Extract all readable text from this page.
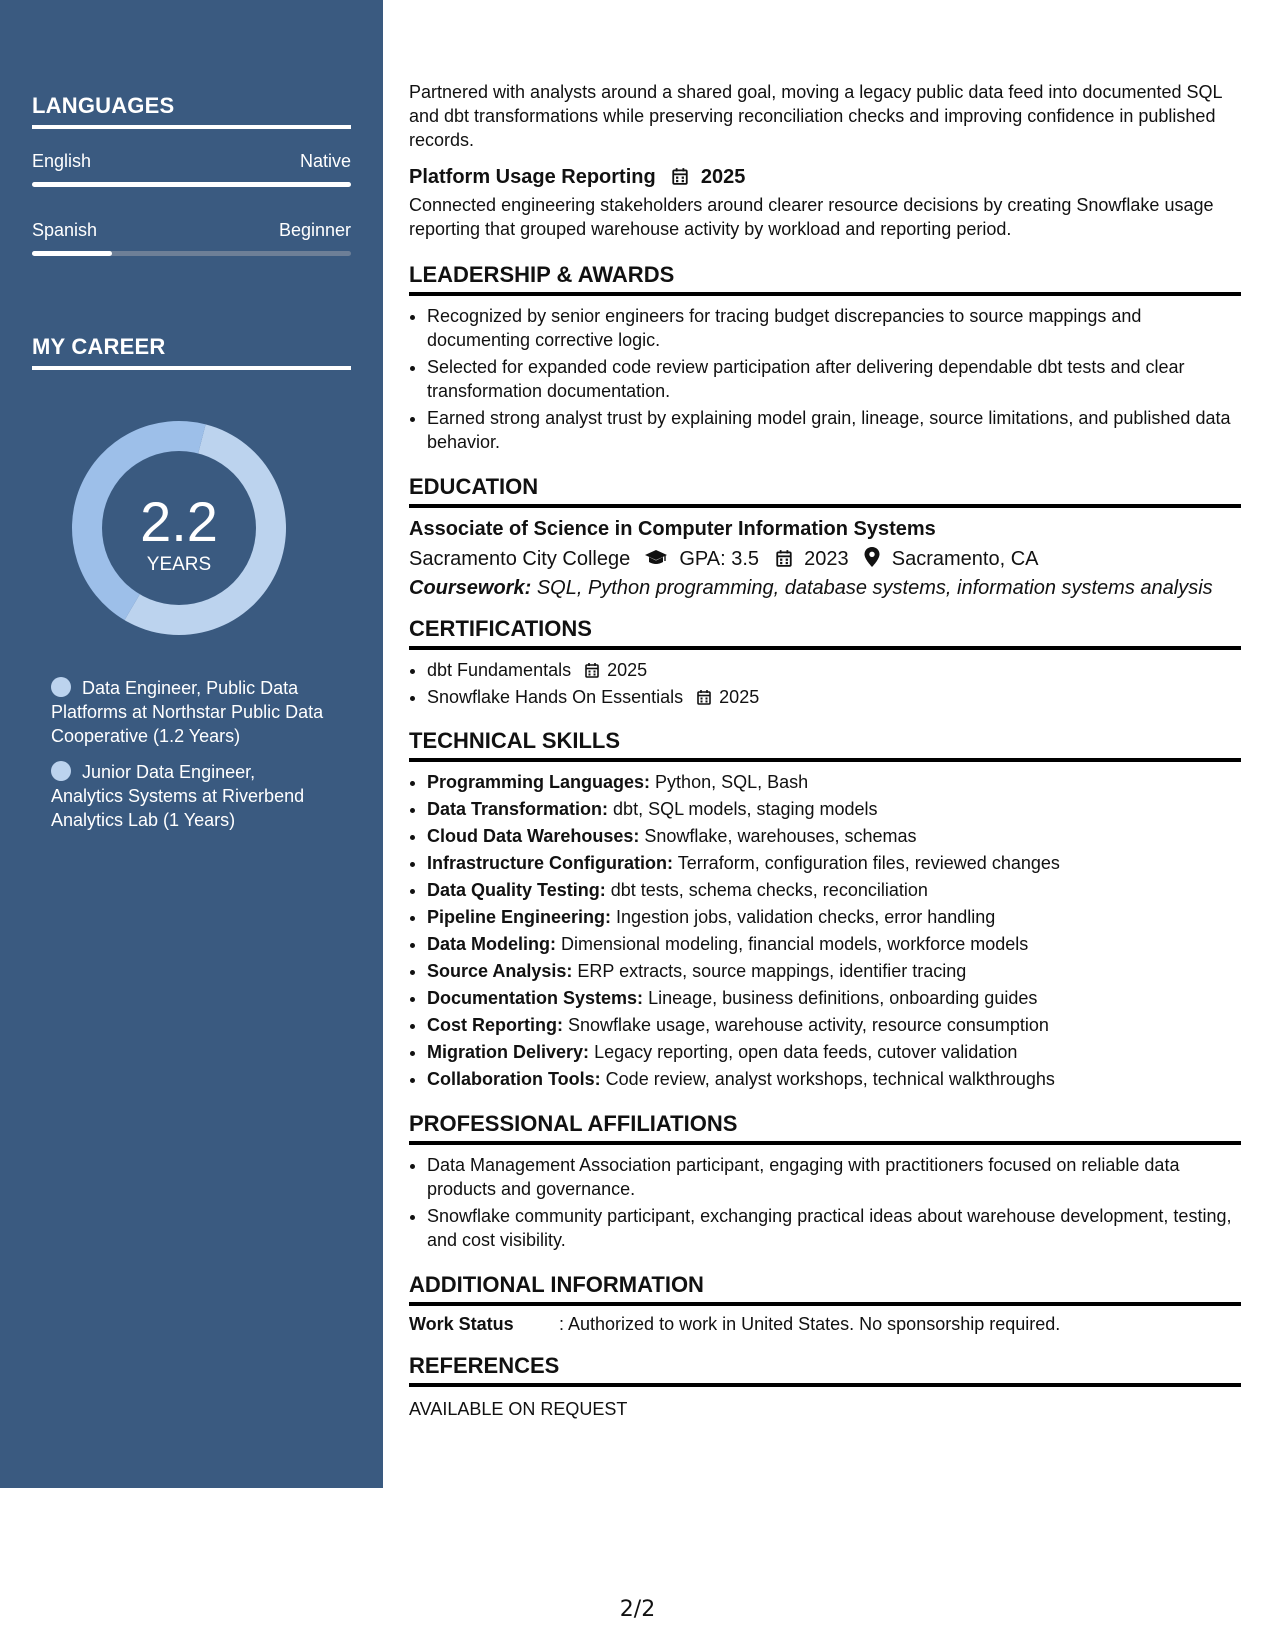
LANGUAGES
English	Native
Spanish	Beginner
MY CAREER
2.2
YEARS
Data Engineer, Public Data Platforms at Northstar Public Data Cooperative (1.2 Years)
Junior Data Engineer, Analytics Systems at Riverbend Analytics Lab (1 Years)

Partnered with analysts around a shared goal, moving a legacy public data feed into documented SQL and dbt transformations while preserving reconciliation checks and improving confidence in published records.

Platform Usage Reporting 2025

Connected engineering stakeholders around clearer resource decisions by creating Snowflake usage reporting that grouped warehouse activity by workload and reporting period.

LEADERSHIP & AWARDS
• Recognized by senior engineers for tracing budget discrepancies to source mappings and documenting corrective logic.
• Selected for expanded code review participation after delivering dependable dbt tests and clear transformation documentation.
• Earned strong analyst trust by explaining model grain, lineage, source limitations, and published data behavior.
EDUCATION

Associate of Science in Computer Information Systems

Sacramento City College GPA: 3.5 2023 Sacramento, CA

Coursework: SQL, Python programming, database systems, information systems analysis

CERTIFICATIONS
• dbt Fundamentals 2025
• Snowflake Hands On Essentials 2025
TECHNICAL SKILLS
• Programming Languages: Python, SQL, Bash
• Data Transformation: dbt, SQL models, staging models
• Cloud Data Warehouses: Snowflake, warehouses, schemas
• Infrastructure Configuration: Terraform, configuration files, reviewed changes
• Data Quality Testing: dbt tests, schema checks, reconciliation
• Pipeline Engineering: Ingestion jobs, validation checks, error handling
• Data Modeling: Dimensional modeling, financial models, workforce models
• Source Analysis: ERP extracts, source mappings, identifier tracing
• Documentation Systems: Lineage, business definitions, onboarding guides
• Cost Reporting: Snowflake usage, warehouse activity, resource consumption
• Migration Delivery: Legacy reporting, open data feeds, cutover validation
• Collaboration Tools: Code review, analyst workshops, technical walkthroughs
PROFESSIONAL AFFILIATIONS
• Data Management Association participant, engaging with practitioners focused on reliable data products and governance.
• Snowflake community participant, exchanging practical ideas about warehouse development, testing, and cost visibility.
ADDITIONAL INFORMATION
Work Status	: Authorized to work in United States. No sponsorship required.
REFERENCES

AVAILABLE ON REQUEST

2/2
